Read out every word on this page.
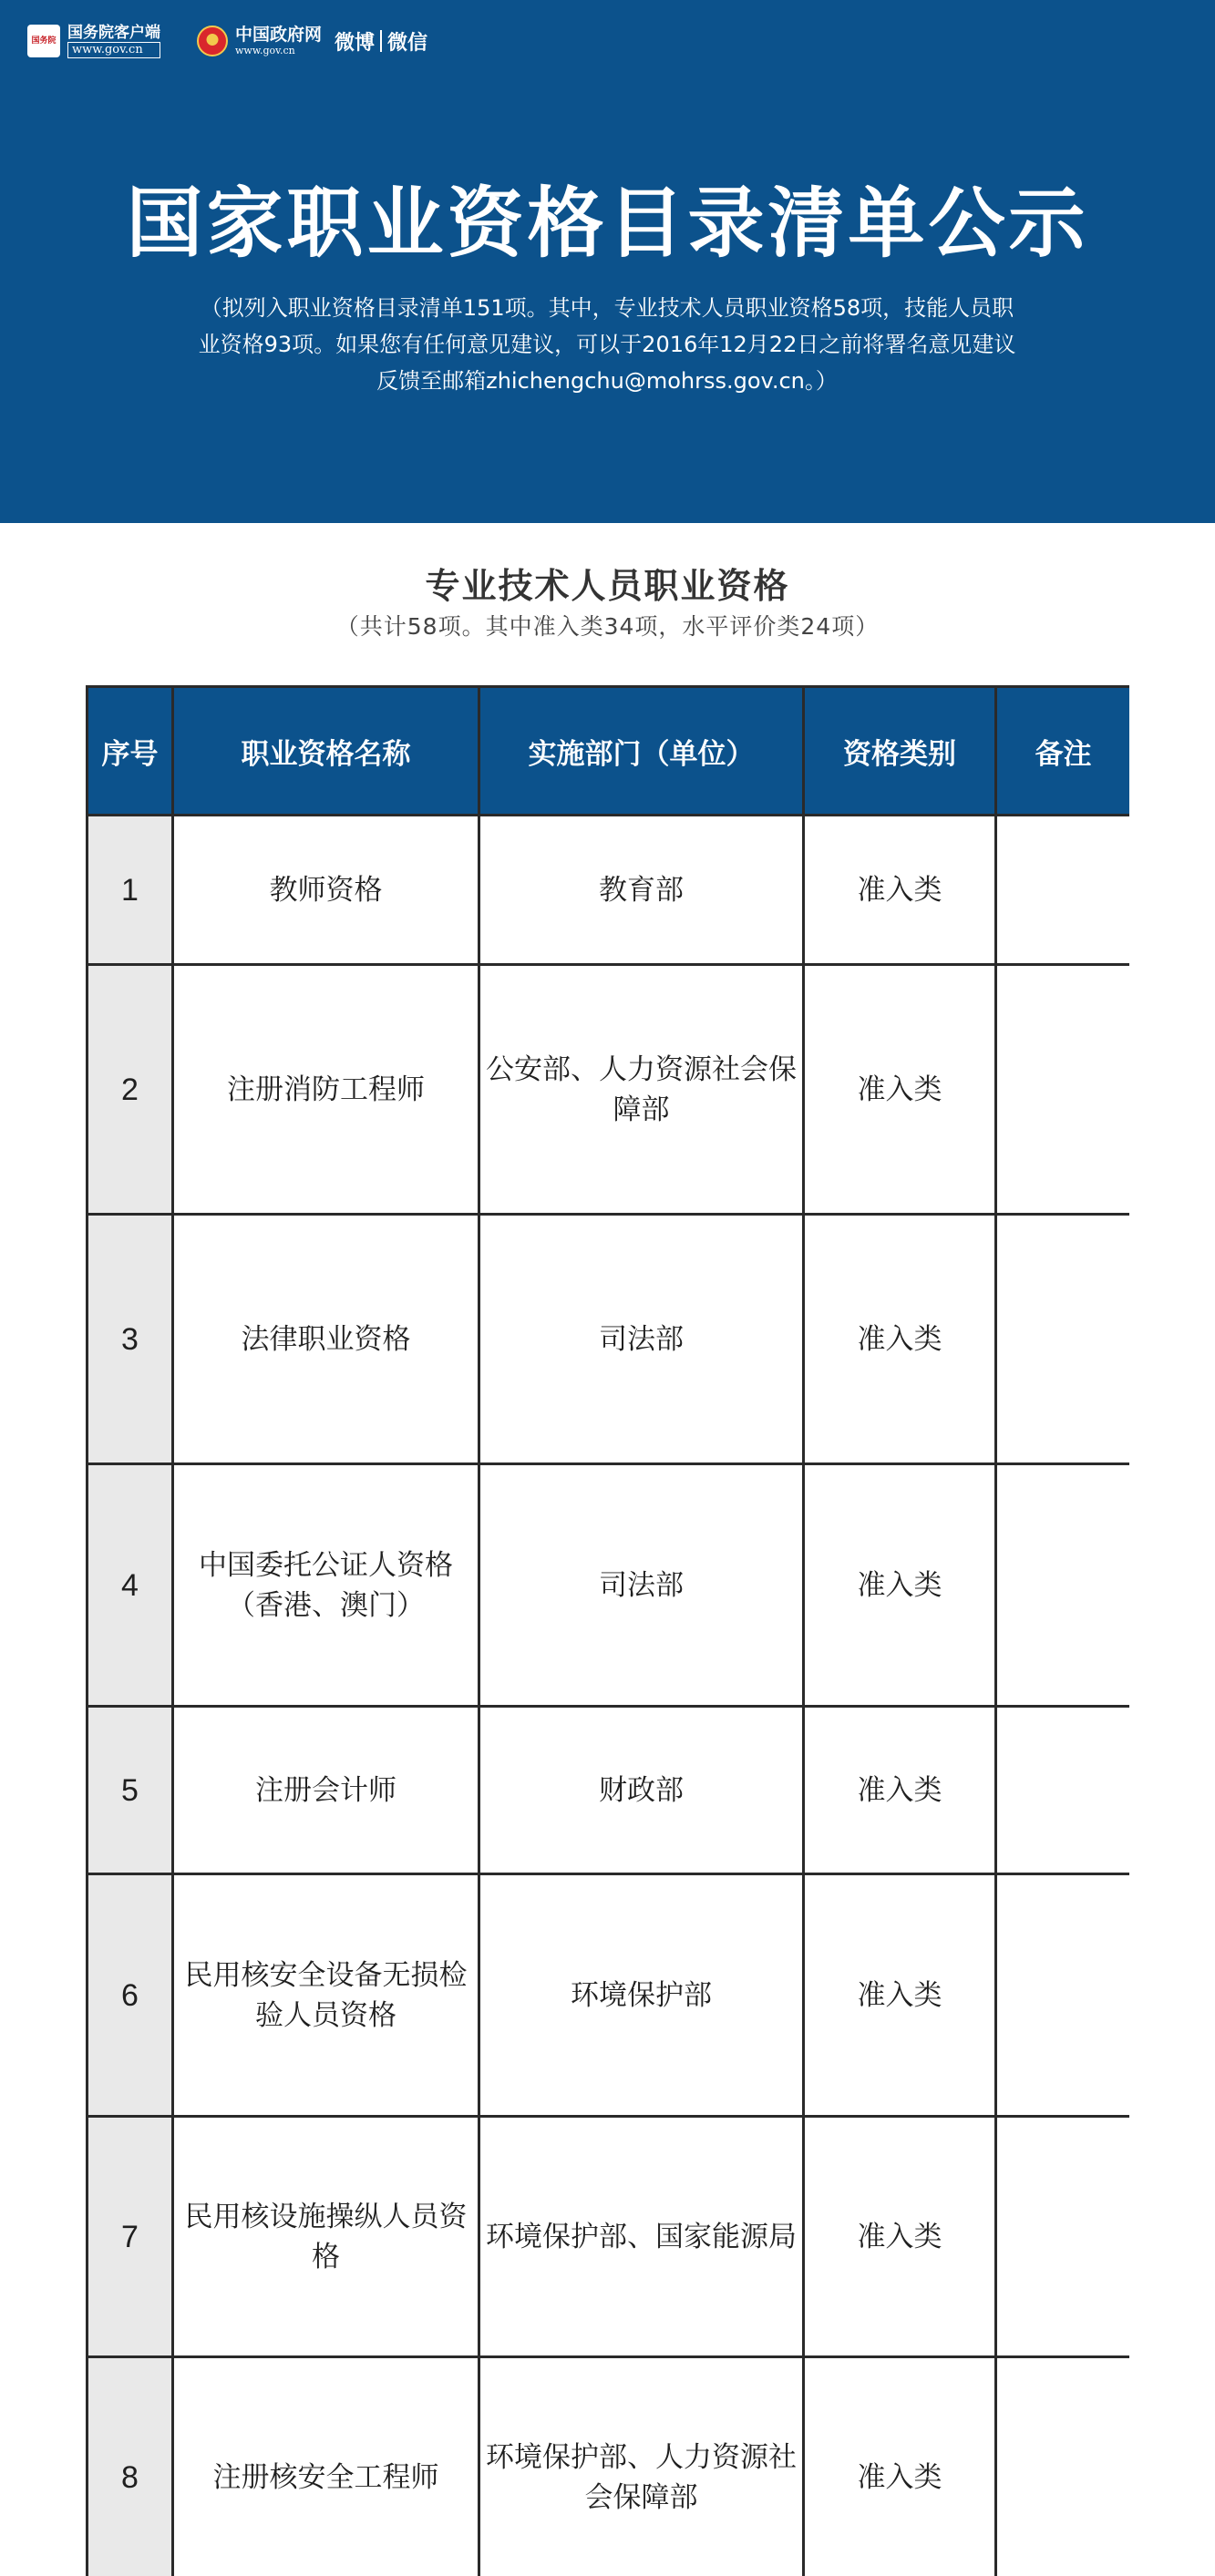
国务院 国务院客户端
www.gov.cn
中国政府网
www.gov.cn	微博 微信
国家职业资格目录清单公示
（拟列入职业资格目录清单151项。其中，专业技术人员职业资格58项，技能人员职业资格93项。如果您有任何意见建议，可以于2016年12月22日之前将署名意见建议反馈至邮箱zhichengchu@mohrss.gov.cn。）
专业技术人员职业资格
（共计58项。其中准入类34项，水平评价类24项）
序号	职业资格名称	实施部门（单位）	资格类别	备注
1	教师资格	教育部	准入类	
2	注册消防工程师	公安部、人力资源社会保障部	准入类	
3	法律职业资格	司法部	准入类	
4	中国委托公证人资格（香港、澳门）	司法部	准入类	
5	注册会计师	财政部	准入类	
6	民用核安全设备无损检验人员资格	环境保护部	准入类	
7	民用核设施操纵人员资格	环境保护部、国家能源局	准入类	
8	注册核安全工程师	环境保护部、人力资源社会保障部	准入类	
